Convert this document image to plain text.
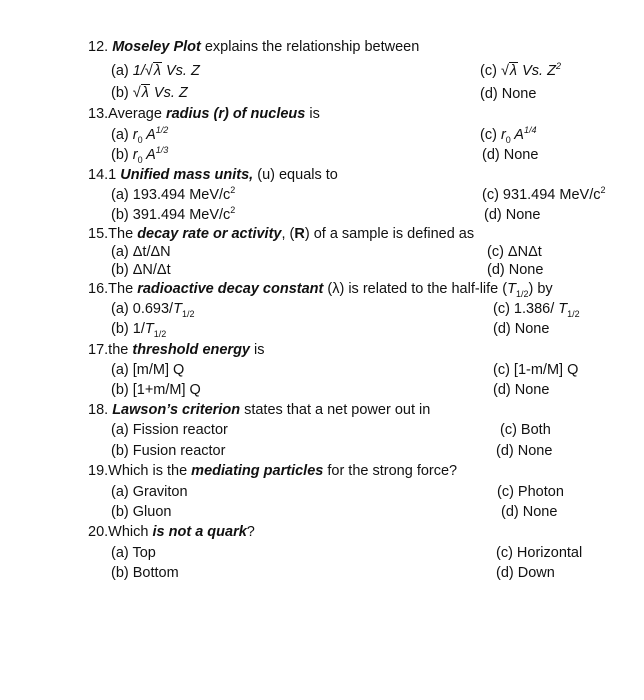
12. Moseley Plot explains the relationship between
(a) 1/√λ Vs. Z	(c) √λ Vs. $Z^2$
(b) √λ Vs. Z	(d) None
13.Average radius (r) of nucleus is
(a) $r_0$ $A^{1/2}$	(c) $r_0$ $A^{1/4}$
(b) $r_0$ $A^{1/3}$	(d) None
14.1 Unified mass units, (u) equals to
(a) 193.494 MeV/$c^2$	(c) 931.494 MeV/$c^2$
(b) 391.494 MeV/$c^2$	(d) None
15.The decay rate or activity, (R) of a sample is defined as
(a) Δt/ΔN	(c) ΔNΔt
(b) ΔN/Δt	(d) None
16.The radioactive decay constant (λ) is related to the half-life $(T_{1/2})$ by
(a) $0.693/T_{1/2}$	(c) 1.386/ $T_{1/2}$
(b) $1/T_{1/2}$	(d) None
17.the threshold energy is
(a) [m/M] Q	(c) [1-m/M] Q
(b) [1+m/M] Q	(d) None
18. Lawson’s criterion states that a net power out in
(a) Fission reactor	(c) Both
(b) Fusion reactor	(d) None
19.Which is the mediating particles for the strong force?
(a) Graviton	(c) Photon
(b) Gluon	(d) None
20.Which is not a quark?
(a) Top	(c) Horizontal
(b) Bottom	(d) Down
